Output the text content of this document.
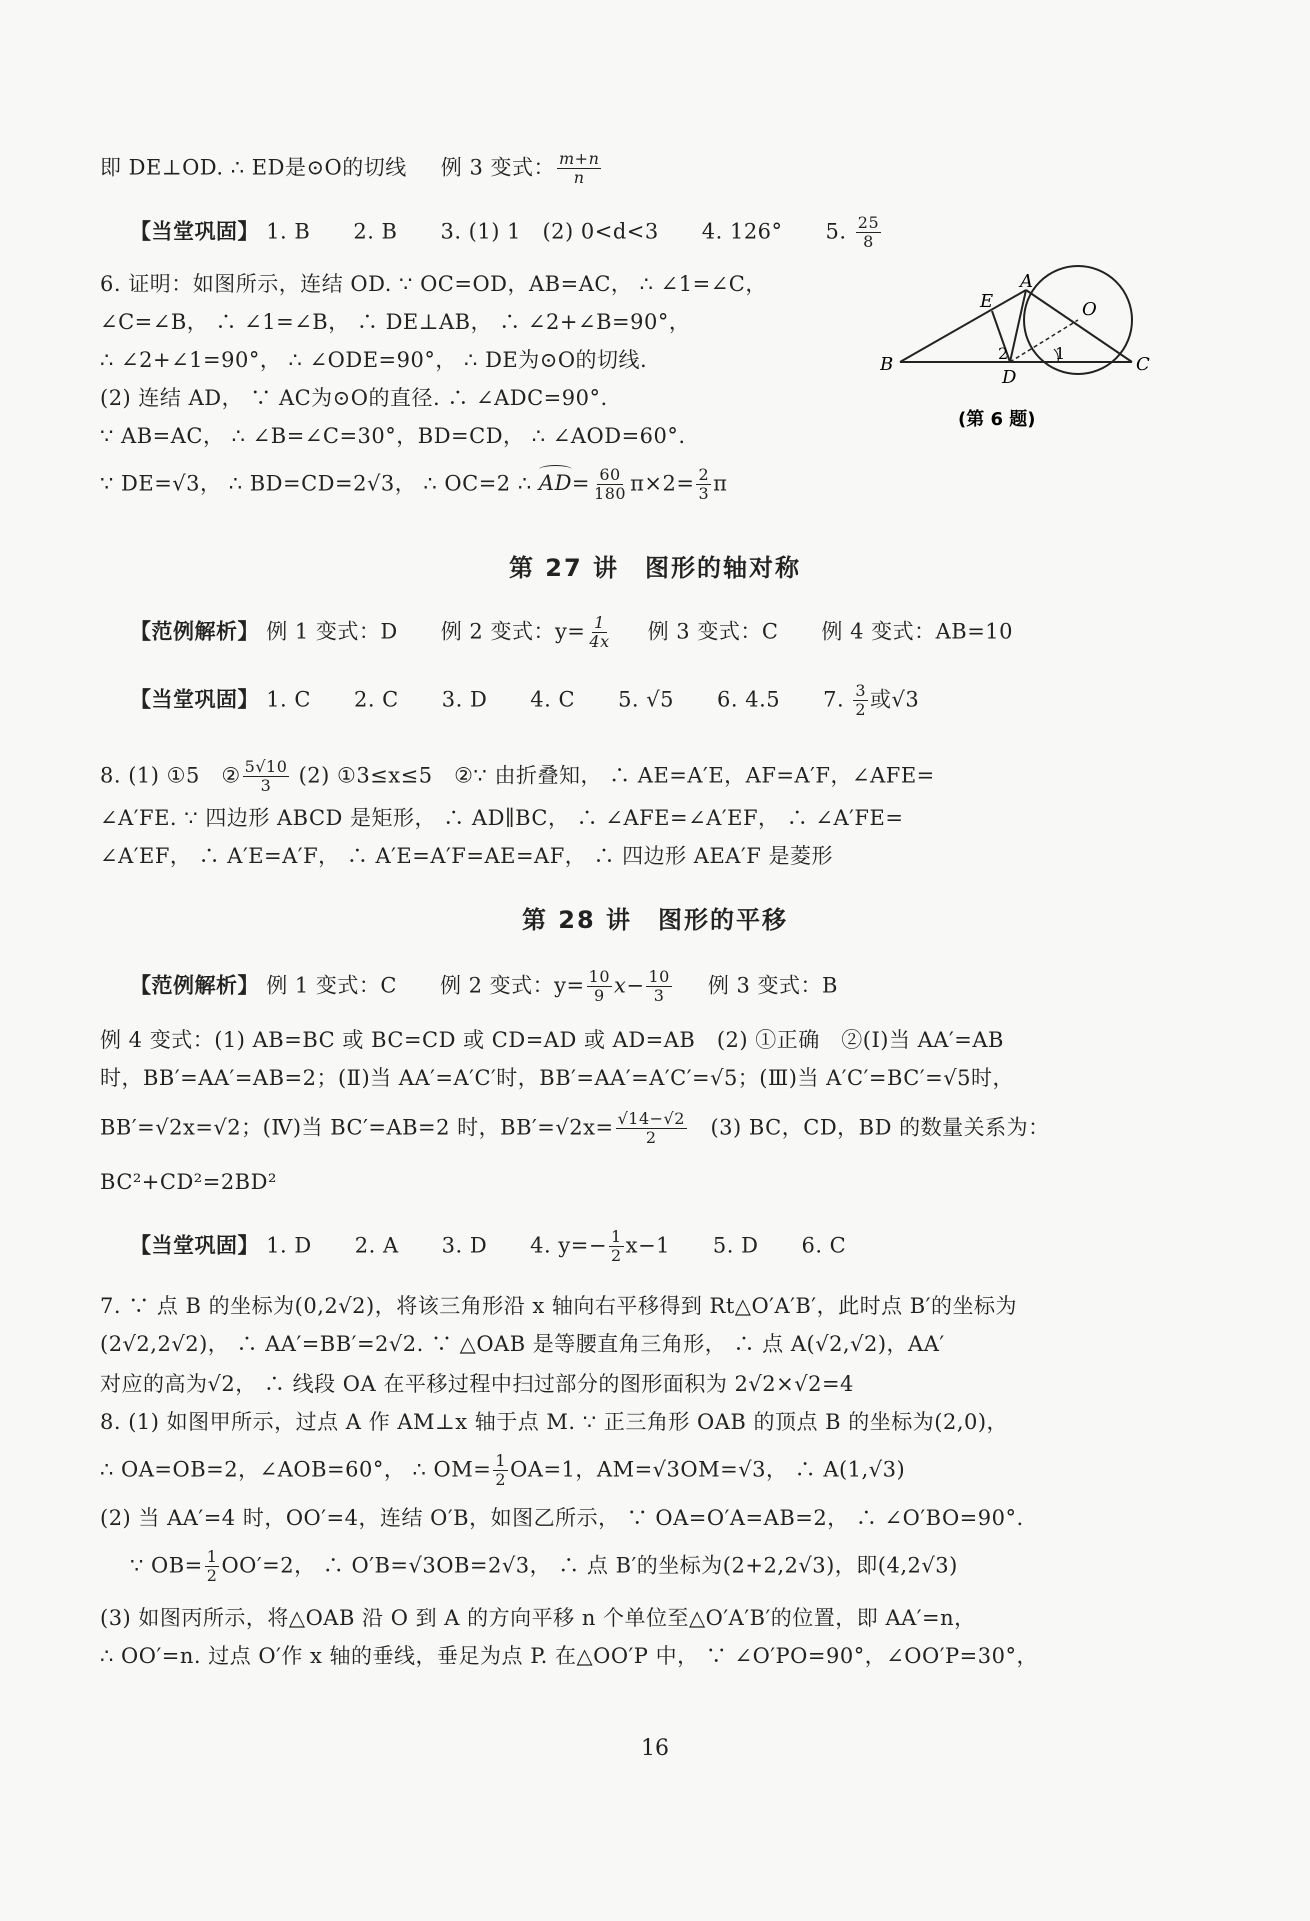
即 DE⊥OD. ∴ ED是⊙O的切线 例 3 变式： $\frac{m+n}{n}$
【当堂巩固】 1. B　　2. B　　3. (1) 1　(2) 0<d<3　　4. 126°　　5. $\frac{25}{8}$
6. 证明：如图所示，连结 OD. ∵ OC=OD，AB=AC， ∴ ∠1=∠C，
∠C=∠B， ∴ ∠1=∠B， ∴ DE⊥AB， ∴ ∠2+∠B=90°，
∴ ∠2+∠1=90°， ∴ ∠ODE=90°， ∴ DE为⊙O的切线.
(2) 连结 AD， ∵ AC为⊙O的直径. ∴ ∠ADC=90°.
∵ AB=AC， ∴ ∠B=∠C=30°，BD=CD， ∴ ∠AOD=60°.
∵ DE=√3， ∴ BD=CD=2√3， ∴ OC=2 ∴ $AD= \frac{60}{180} \pi\times 2= \frac{2}{3}$ π
A
B	C
D
E	O
1
2
(第 6 题)
第 27 讲　图形的轴对称
【范例解析】 例 1 变式：D　　例 2 变式：$y= \frac{1}{4x}$ 例 3 变式：C　　例 4 变式：AB=10
【当堂巩固】 1. C　　2. C　　3. D　　4. C　　5. √5　　6. 4.5　　7. $\frac{3}{2}$ 或√3
8. (1) ①5　② $\frac{5√10}{3} (2)$ ①3≤x≤5　②∵ 由折叠知， ∴ AE=A′E，AF=A′F，∠AFE=
∠A′FE. ∵ 四边形 ABCD 是矩形， ∴ AD∥BC， ∴ ∠AFE=∠A′EF， ∴ ∠A′FE=
∠A′EF， ∴ A′E=A′F， ∴ A′E=A′F=AE=AF， ∴ 四边形 AEA′F 是菱形
第 28 讲　图形的平移
【范例解析】 例 1 变式：C　　例 2 变式：$y= \frac{10}{9} x- \frac{10}{3}$ 例 3 变式：B
例 4 变式：(1) AB=BC 或 BC=CD 或 CD=AD 或 AD=AB　(2) ①正确　②(Ⅰ)当 AA′=AB
时，BB′=AA′=AB=2；(Ⅱ)当 AA′=A′C′时，BB′=AA′=A′C′=√5；(Ⅲ)当 A′C′=BC′=√5时，
BB′=√2x=√2；(Ⅳ)当 BC′=AB=2 时，$BB'=√2x= \frac{√14-√2}{2}$
　 (3) BC，CD，BD 的数量关系为：
BC²+CD²=2BD²
【当堂巩固】 1. D　　2. A　　3. D　　4. $y=- \frac{1}{2} x-1$　　5. D　　6. C
7. ∵ 点 B 的坐标为(0,2√2)，将该三角形沿 x 轴向右平移得到 Rt△O′A′B′，此时点 B′的坐标为
(2√2,2√2)， ∴ AA′=BB′=2√2. ∵ △OAB 是等腰直角三角形， ∴ 点 A(√2,√2)，AA′
对应的高为√2， ∴ 线段 OA 在平移过程中扫过部分的图形面积为 2√2×√2=4
8. (1) 如图甲所示，过点 A 作 AM⊥x 轴于点 M. ∵ 正三角形 OAB 的顶点 B 的坐标为(2,0)，
∴ OA=OB=2，∠AOB=60°， ∴ $OM= \frac{1}{2} OA=1$，AM=√3OM=√3， ∴ A(1,√3)
(2) 当 AA′=4 时，OO′=4，连结 O′B，如图乙所示， ∵ OA=O′A=AB=2， ∴ ∠O′BO=90°.
∵ $OB= \frac{1}{2} OO'=2$， ∴ O′B=√3OB=2√3， ∴ 点 B′的坐标为(2+2,2√3)，即(4,2√3)
(3) 如图丙所示，将△OAB 沿 O 到 A 的方向平移 n 个单位至△O′A′B′的位置，即 AA′=n，
∴ OO′=n. 过点 O′作 x 轴的垂线，垂足为点 P. 在△OO′P 中， ∵ ∠O′PO=90°，∠OO′P=30°，
16
